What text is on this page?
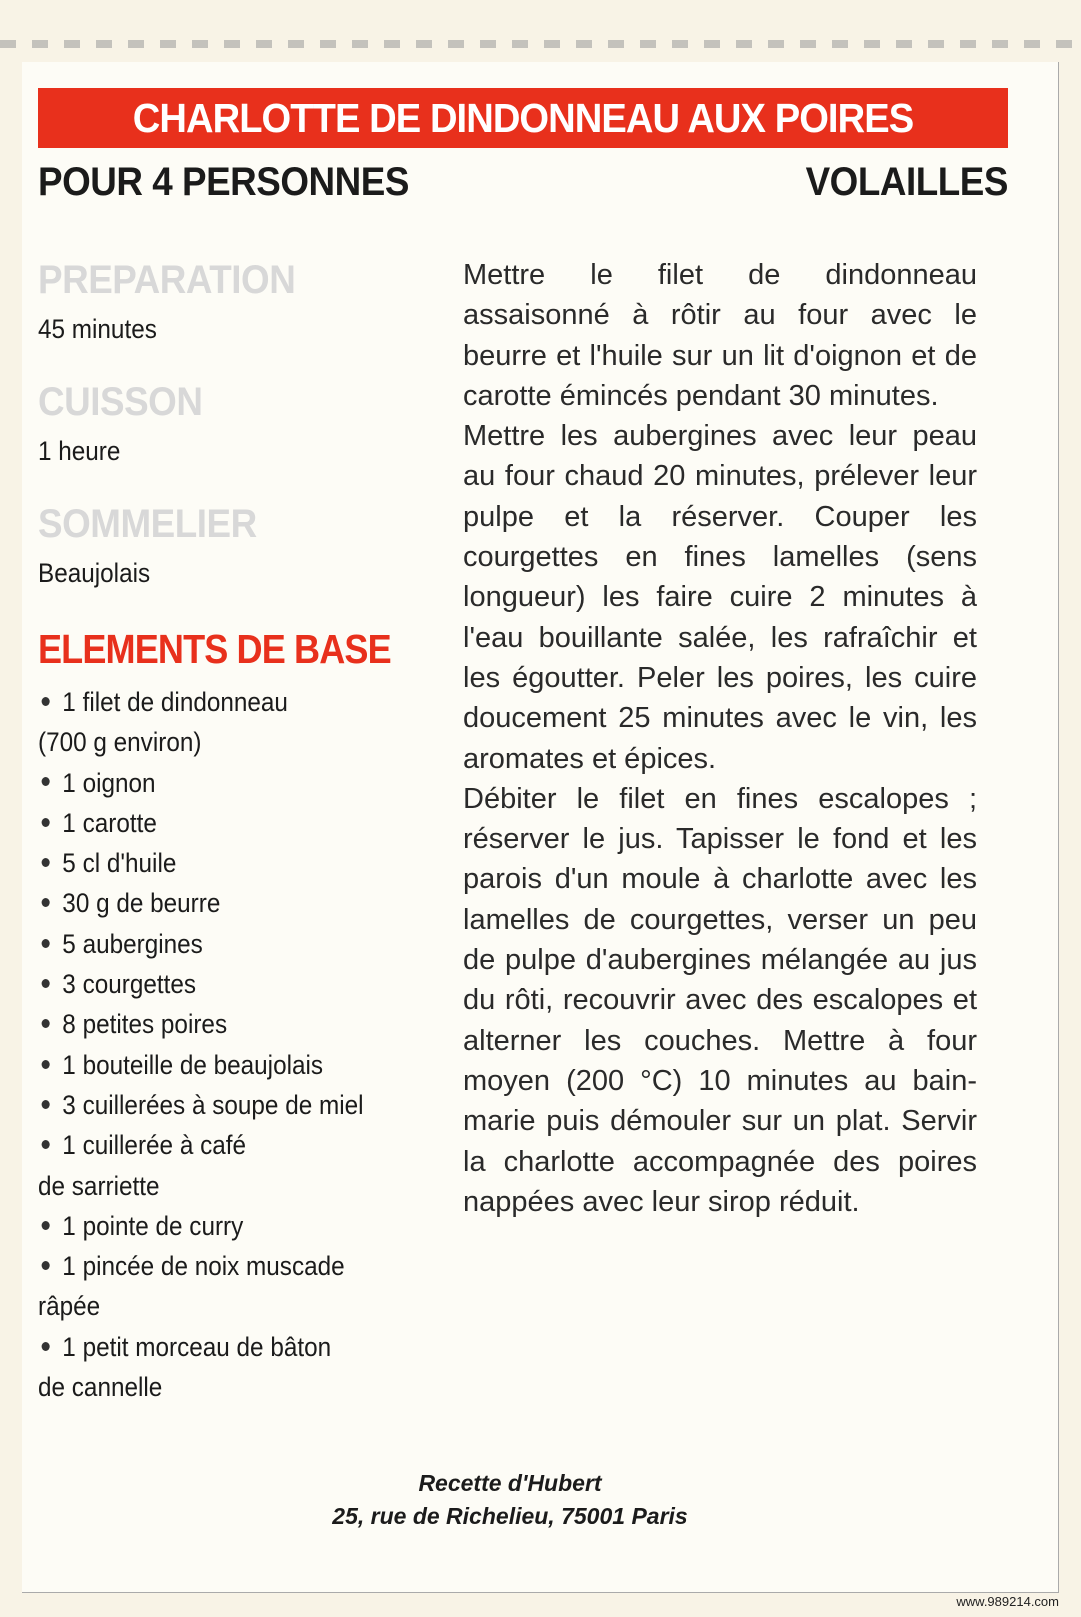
CHARLOTTE DE DINDONNEAU AUX POIRES
POUR 4 PERSONNES	VOLAILLES
PREPARATION
45 minutes
CUISSON
1 heure
SOMMELIER
Beaujolais
ELEMENTS DE BASE
1 filet de dindonneau
(700 g environ)
1 oignon
1 carotte
5 cl d'huile
30 g de beurre
5 aubergines
3 courgettes
8 petites poires
1 bouteille de beaujolais
3 cuillerées à soupe de miel
1 cuillerée à café
de sarriette
1 pointe de curry
1 pincée de noix muscade
râpée
1 petit morceau de bâton
de cannelle

Mettre le filet de dindonneau assaisonné à rôtir au four avec le beurre et l'huile sur un lit d'oignon et de carotte émincés pendant 30 minutes.

Mettre les aubergines avec leur peau au four chaud 20 minutes, prélever leur pulpe et la réserver. Couper les courgettes en fines lamelles (sens longueur) les faire cuire 2 minutes à l'eau bouillante salée, les rafraîchir et les égoutter. Peler les poires, les cuire doucement 25 minutes avec le vin, les aromates et épices.

Débiter le filet en fines escalopes ; réserver le jus. Tapisser le fond et les parois d'un moule à charlotte avec les lamelles de courgettes, verser un peu de pulpe d'aubergines mélangée au jus du rôti, recouvrir avec des escalopes et alterner les couches. Mettre à four moyen (200 °C) 10 minutes au bain-marie puis démouler sur un plat. Servir la charlotte accompagnée des poires nappées avec leur sirop réduit.

Recette d'Hubert
25, rue de Richelieu, 75001 Paris
www.989214.com
